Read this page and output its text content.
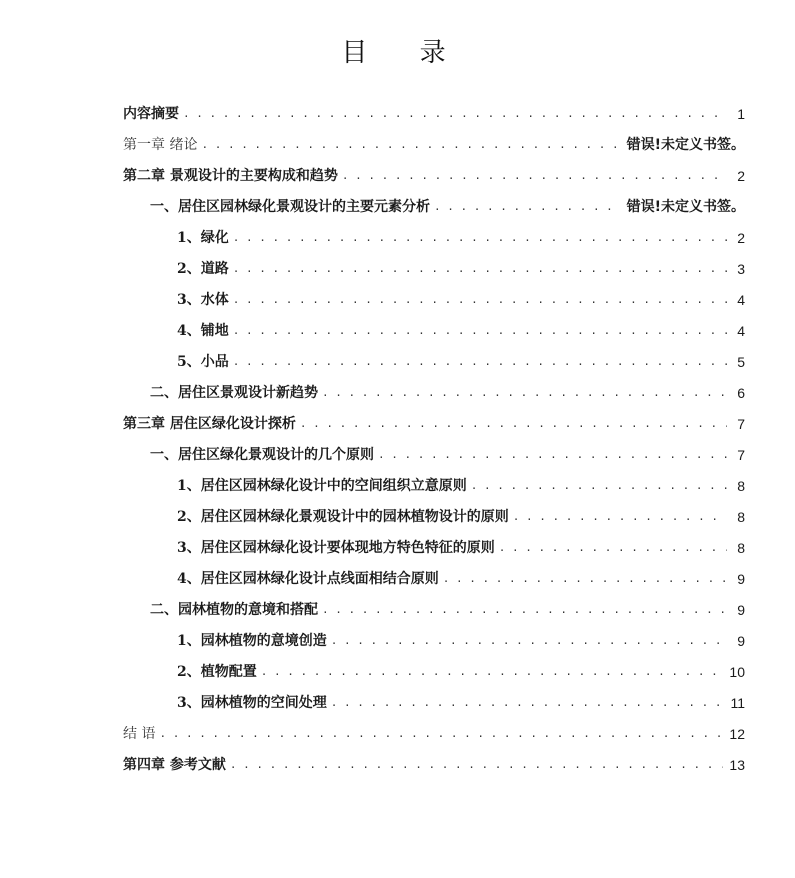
目 录
内容摘要 . . .	1
第一章 绪论 . . .	错误!未定义书签。
第二章 景观设计的主要构成和趋势 . . .	2
一、居住区园林绿化景观设计的主要元素分析 . . .	错误!未定义书签。
1、绿化 . . .	2
2、道路 . . .	3
3、水体 . . .	4
4、铺地 . . .	4
5、小品 . . .	5
二、居住区景观设计新趋势 . . .	6
第三章 居住区绿化设计探析 . . .	7
一、居住区绿化景观设计的几个原则 . . .	7
1、居住区园林绿化设计中的空间组织立意原则 . . .	8
2、居住区园林绿化景观设计中的园林植物设计的原则 . . .	8
3、居住区园林绿化设计要体现地方特色特征的原则 . . .	8
4、居住区园林绿化设计点线面相结合原则 . . .	9
二、园林植物的意境和搭配 . . .	9
1、园林植物的意境创造 . . .	9
2、植物配置 . . .	10
3、园林植物的空间处理 . . .	11
结 语 . . .	12
第四章 参考文献 . . .	13
